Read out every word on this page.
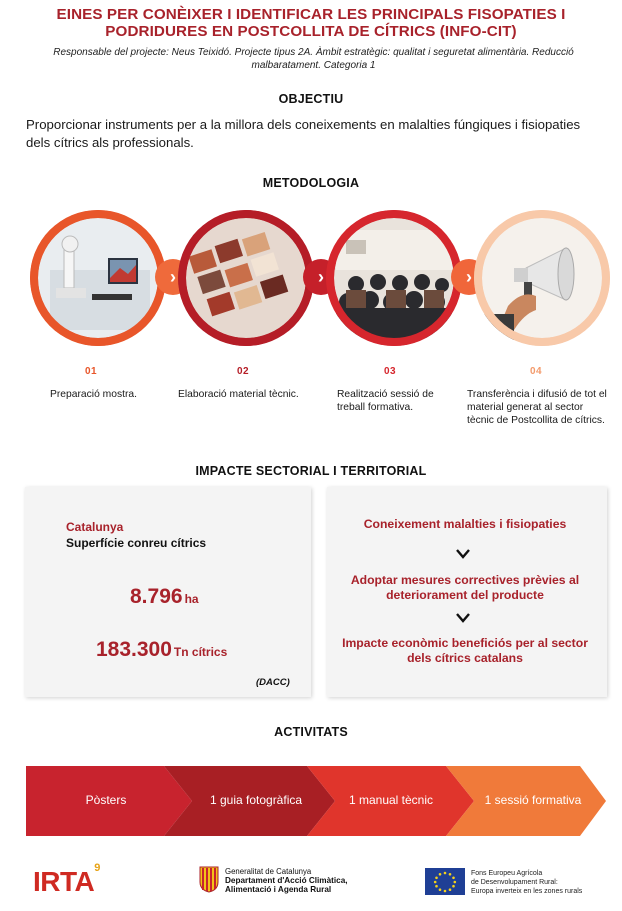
EINES PER CONÈIXER I IDENTIFICAR LES PRINCIPALS FISOPATIES I
PODRIDURES EN POSTCOLLITA DE CÍTRICS (INFO-CIT)
Responsable del projecte: Neus Teixidó. Projecte tipus 2A. Àmbit estratègic: qualitat i seguretat alimentària. Reducció malbaratament. Categoria 1
OBJECTIU
Proporcionar instruments per a la millora dels coneixements en malalties fúngiques i fisiopaties dels cítrics als professionals.
METODOLOGIA
›	›	›
01	02	03	04
Preparació mostra.	Elaboració material tècnic.	Realització sessió de treball formativa.
Transferència i difusió de tot el material generat al sector tècnic de Postcollita de cítrics.
IMPACTE SECTORIAL I TERRITORIAL
Catalunya
Superfície conreu cítrics
8.796 ha
183.300 Tn cítrics
(DACC)
Coneixement malalties i fisiopaties
Adoptar mesures correctives prèvies al deteriorament del producte
Impacte econòmic beneficiós per al sector dels cítrics catalans
ACTIVITATS
Pòsters	1 guia fotogràfica	1 manual tècnic	1 sessió formativa
IRTA$^9$	Generalitat de Catalunya
Departament d'Acció Climàtica,
Alimentació i Agenda Rural
Fons Europeu Agrícola
de Desenvolupament Rural:
Europa inverteix en les zones rurals
